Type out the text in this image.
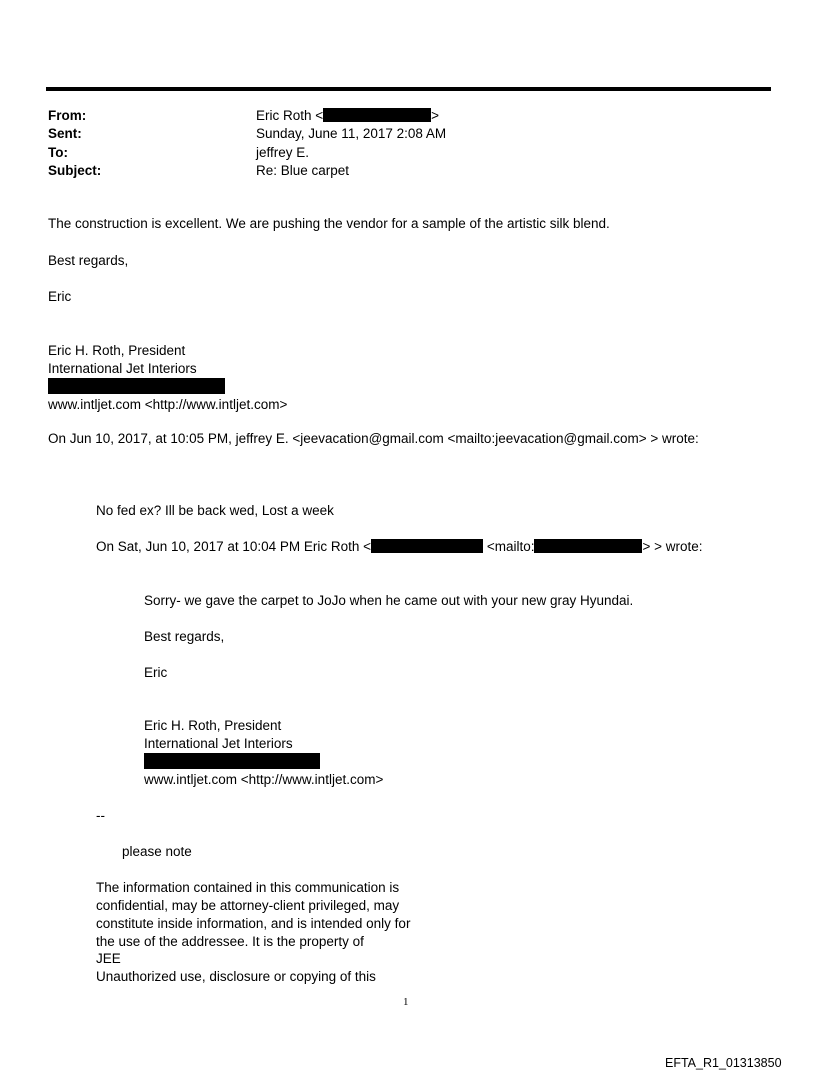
From:	Eric Roth <	>
Sent:	Sunday, June 11, 2017 2:08 AM
To:	jeffrey E.
Subject:	Re: Blue carpet
The construction is excellent. We are pushing the vendor for a sample of the artistic silk blend.
Best regards,
Eric
Eric H. Roth, President
International Jet Interiors
www.intljet.com <http://www.intljet.com>
On Jun 10, 2017, at 10:05 PM, jeffrey E. <jeevacation@gmail.com <mailto:jeevacation@gmail.com> > wrote:
No fed ex? Ill be back wed, Lost a week
On Sat, Jun 10, 2017 at 10:04 PM Eric Roth <	<mailto:	> > wrote:
Sorry- we gave the carpet to JoJo when he came out with your new gray Hyundai.
Best regards,
Eric
Eric H. Roth, President
International Jet Interiors
www.intljet.com <http://www.intljet.com>
--
please note
The information contained in this communication is
confidential, may be attorney-client privileged, may
constitute inside information, and is intended only for
the use of the addressee. It is the property of
JEE
Unauthorized use, disclosure or copying of this
1
EFTA_R1_01313850
